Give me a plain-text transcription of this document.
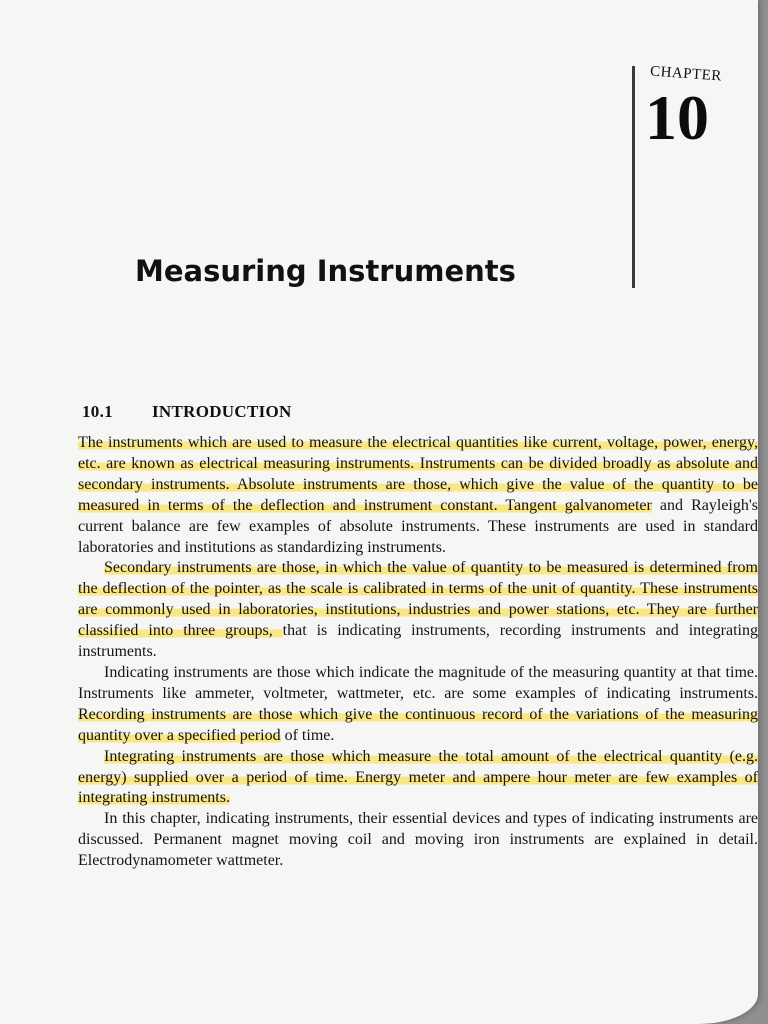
CHAPTER
10
Measuring Instruments
10.1 INTRODUCTION

The instruments which are used to measure the electrical quantities like current, voltage, power, energy, etc. are known as electrical measuring instruments. Instruments can be divided broadly as absolute and secondary instruments. Absolute instruments are those, which give the value of the quantity to be measured in terms of the deflection and instrument constant. Tangent galvanometer and Rayleigh's current balance are few examples of absolute instruments. These instruments are used in standard laboratories and institutions as standardizing instruments.

Secondary instruments are those, in which the value of quantity to be measured is determined from the deflection of the pointer, as the scale is calibrated in terms of the unit of quantity. These instruments are commonly used in laboratories, institutions, industries and power stations, etc. They are further classified into three groups, that is indicating instruments, recording instruments and integrating instruments.

Indicating instruments are those which indicate the magnitude of the measuring quantity at that time. Instruments like ammeter, voltmeter, wattmeter, etc. are some examples of indicating instruments. Recording instruments are those which give the continuous record of the variations of the measuring quantity over a specified period of time.

Integrating instruments are those which measure the total amount of the electrical quantity (e.g. energy) supplied over a period of time. Energy meter and ampere hour meter are few examples of integrating instruments.

In this chapter, indicating instruments, their essential devices and types of indicating instruments are discussed. Permanent magnet moving coil and moving iron instruments are explained in detail. Electrodynamometer wattmeter.
